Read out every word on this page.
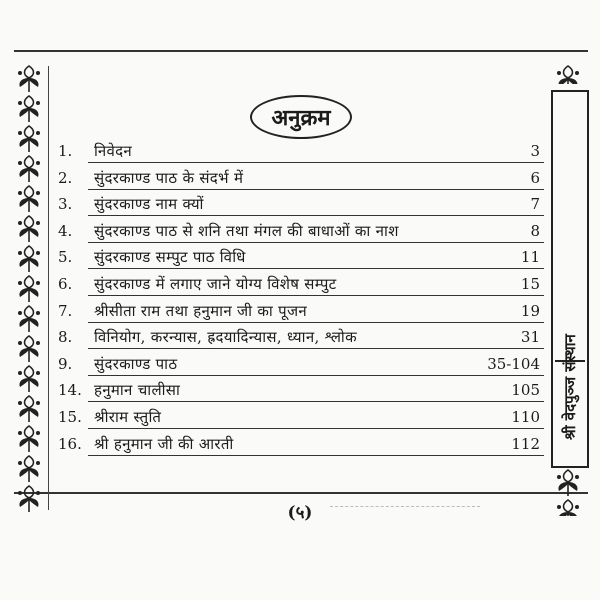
अनुक्रम
1.	निवेदन	3
2.	सुंदरकाण्ड पाठ के संदर्भ में	6
3.	सुंदरकाण्ड नाम क्यों	7
4.	सुंदरकाण्ड पाठ से शनि तथा मंगल की बाधाओं का नाश	8
5.	सुंदरकाण्ड सम्पुट पाठ विधि	11
6.	सुंदरकाण्ड में लगाए जाने योग्य विशेष सम्पुट	15
7.	श्रीसीता राम तथा हनुमान जी का पूजन	19
8.	विनियोग, करन्यास, ह्रदयादिन्यास, ध्यान, श्लोक	31
9.	सुंदरकाण्ड पाठ	35-104
14. हनुमान चालीसा	105
15. श्रीराम स्तुति	110
16. श्री हनुमान जी की आरती	112
श्री वेदपुञ्ज संस्थान
(५)
